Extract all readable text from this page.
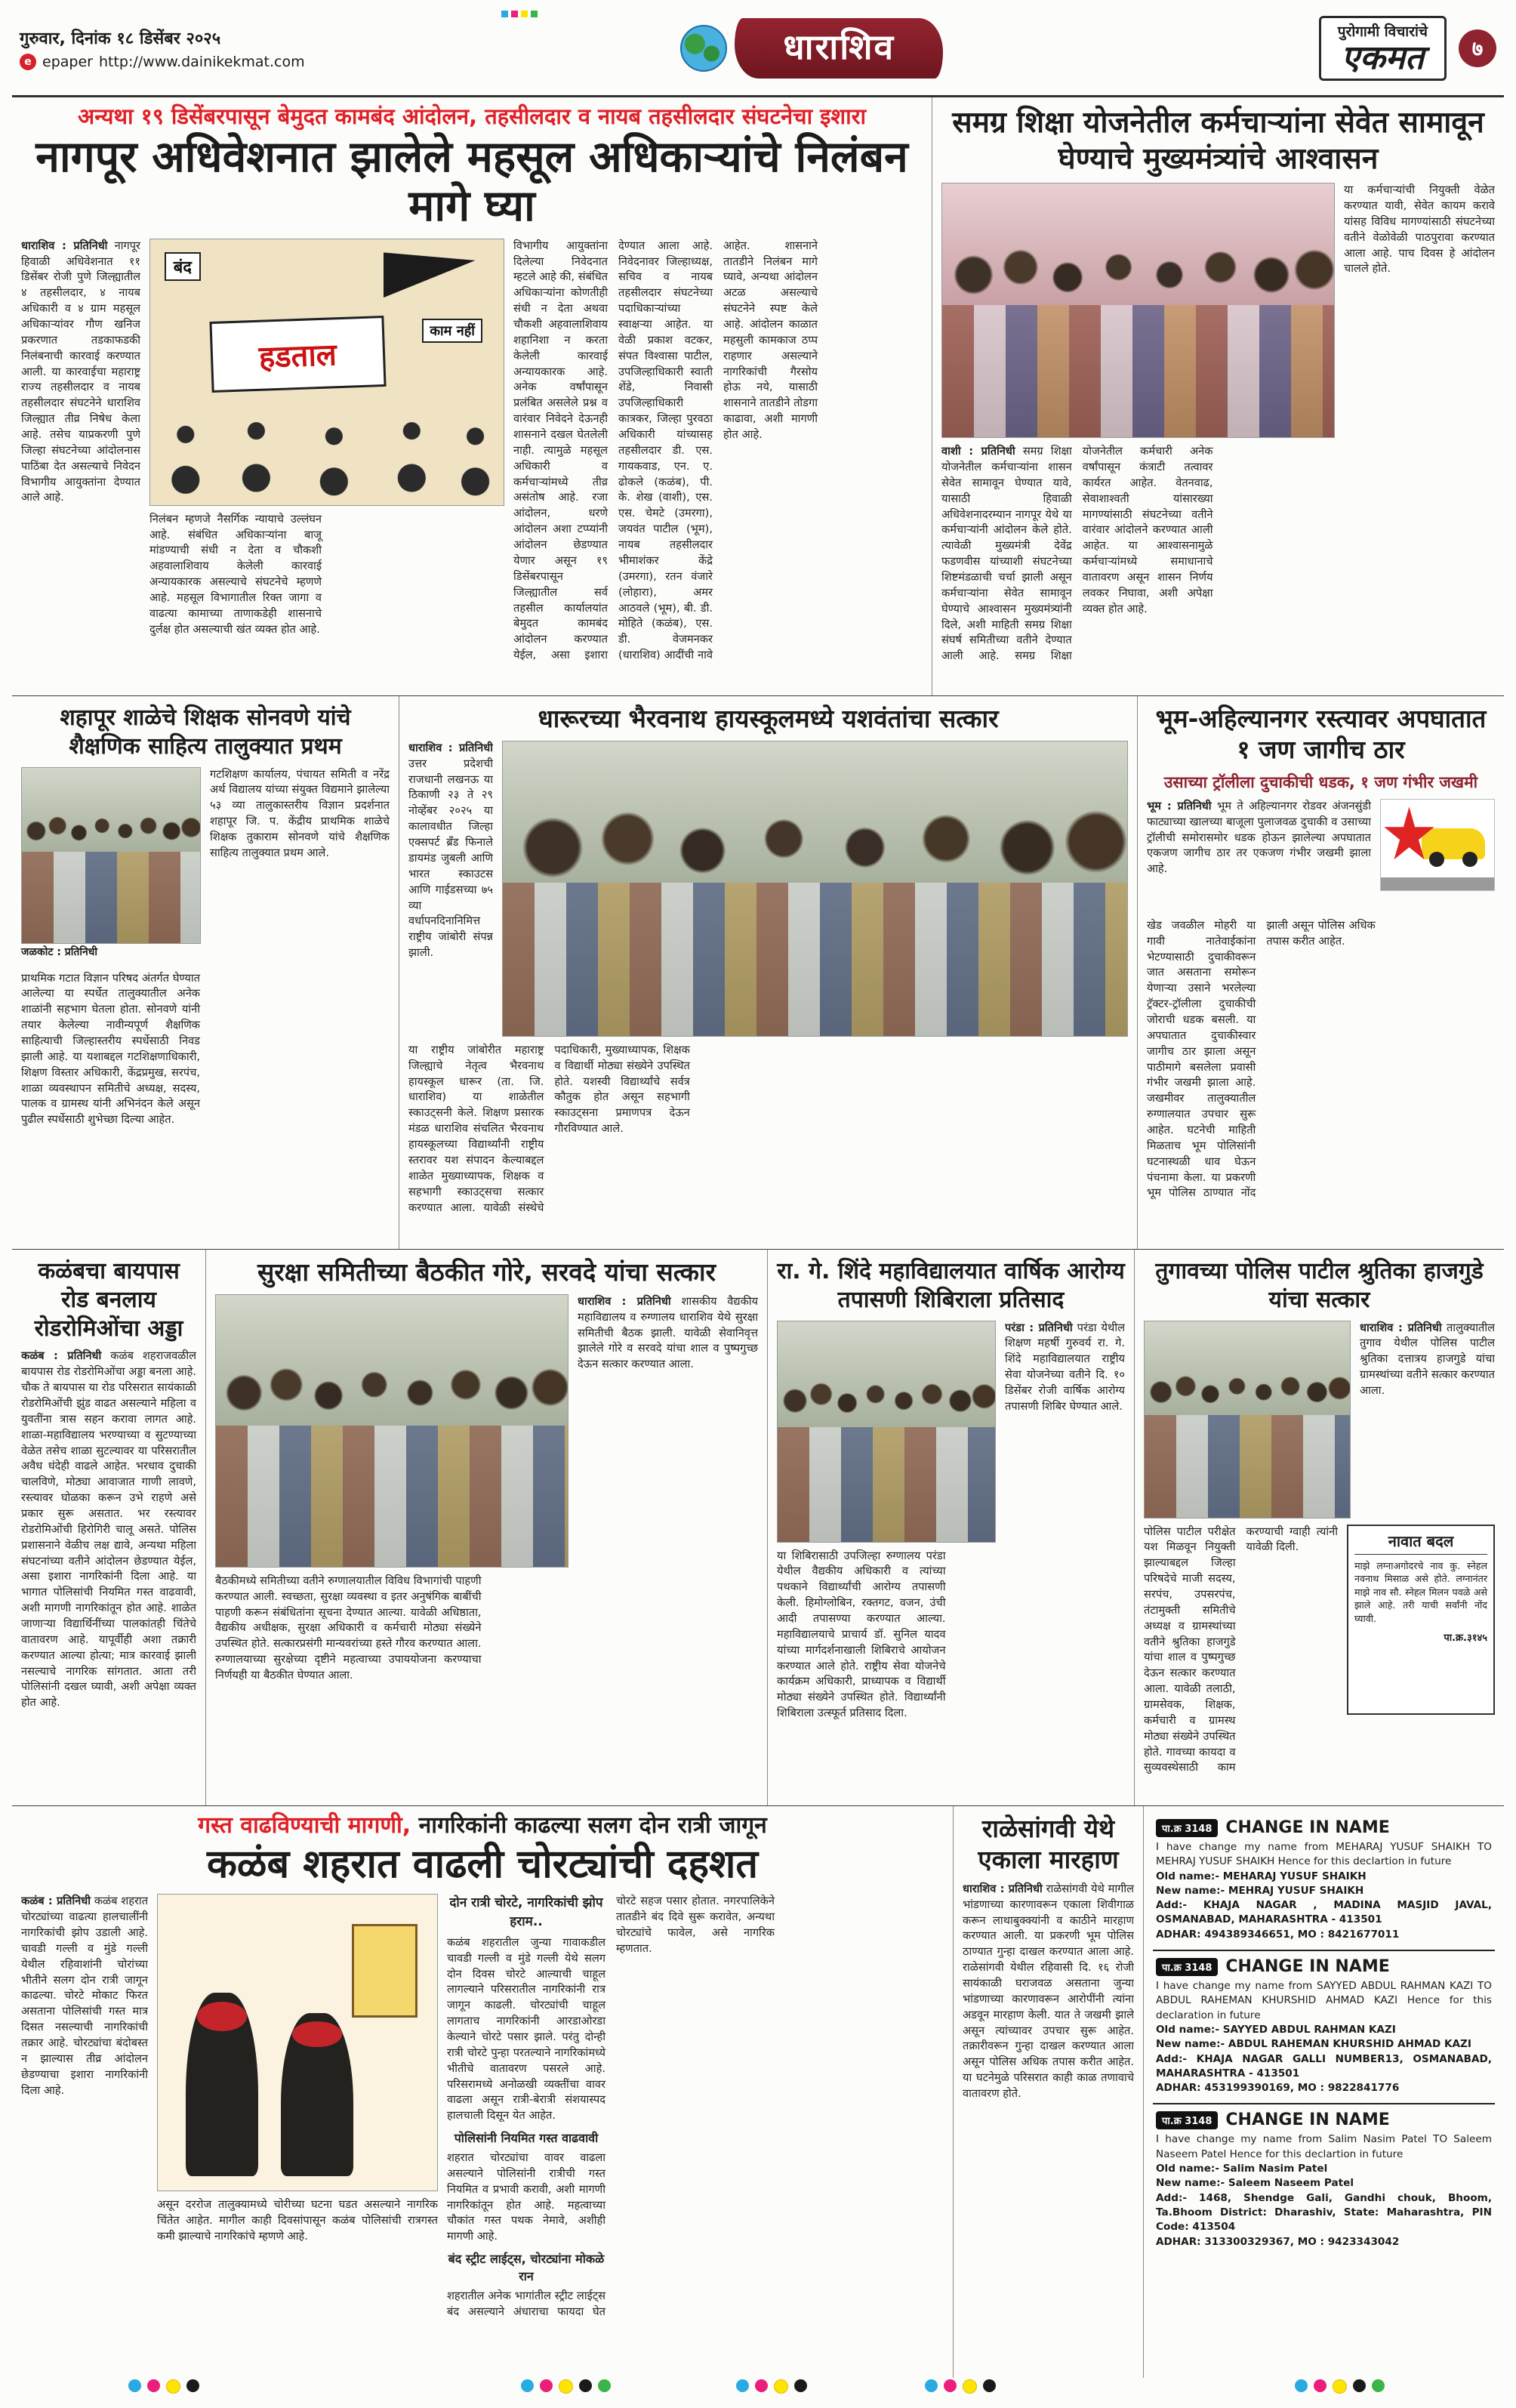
गुरुवार, दिनांक १८ डिसेंबर २०२५
e epaper http://www.dainikekmat.com	धाराशिव	पुरोगामी विचारांचे
एकमत	७
अन्यथा १९ डिसेंबरपासून बेमुदत कामबंद आंदोलन, तहसीलदार व नायब तहसीलदार संघटनेचा इशारा
नागपूर अधिवेशनात झालेले महसूल अधिकाऱ्यांचे निलंबन मागे घ्या
धाराशिव : प्रतिनिधी नागपूर हिवाळी अधिवेशनात ११ डिसेंबर रोजी पुणे जिल्ह्यातील ४ तहसीलदार, ४ नायब अधिकारी व ४ ग्राम महसूल अधिकाऱ्यांवर गौण खनिज प्रकरणात तडकाफडकी निलंबनाची कारवाई करण्यात आली. या कारवाईचा महाराष्ट्र राज्य तहसीलदार व नायब तहसीलदार संघटनेने धाराशिव जिल्ह्यात तीव्र निषेध केला आहे. तसेच याप्रकरणी पुणे जिल्हा संघटनेच्या आंदोलनास पाठिंबा देत असल्याचे निवेदन विभागीय आयुक्तांना देण्यात आले आहे.
बंद
काम नहीं
हडताल
निलंबन म्हणजे नैसर्गिक न्यायाचे उल्लंघन आहे. संबंधित अधिकाऱ्यांना बाजू मांडण्याची संधी न देता व चौकशी अहवालाशिवाय केलेली कारवाई अन्यायकारक असल्याचे संघटनेचे म्हणणे आहे. महसूल विभागातील रिक्त जागा व वाढत्या कामाच्या ताणाकडेही शासनाचे दुर्लक्ष होत असल्याची खंत व्यक्त होत आहे.
विभागीय आयुक्तांना दिलेल्या निवेदनात म्हटले आहे की, संबंधित अधिकाऱ्यांना कोणतीही संधी न देता अथवा चौकशी अहवालाशिवाय शहानिशा न करता केलेली कारवाई अन्यायकारक आहे. अनेक वर्षांपासून प्रलंबित असलेले प्रश्न व वारंवार निवेदने देऊनही शासनाने दखल घेतलेली नाही. त्यामुळे महसूल अधिकारी व कर्मचाऱ्यांमध्ये तीव्र असंतोष आहे. रजा आंदोलन, धरणे आंदोलन अशा टप्प्यांनी आंदोलन छेडण्यात येणार असून १९ डिसेंबरपासून जिल्ह्यातील सर्व तहसील कार्यालयांत बेमुदत कामबंद आंदोलन करण्यात येईल, असा इशारा देण्यात आला आहे. निवेदनावर जिल्हाध्यक्ष, सचिव व नायब तहसीलदार संघटनेच्या पदाधिकाऱ्यांच्या स्वाक्षऱ्या आहेत. या वेळी प्रकाश वटकर, संपत विश्वासा पाटील, उपजिल्हाधिकारी स्वाती शेंडे, निवासी उपजिल्हाधिकारी कात्रकर, जिल्हा पुरवठा अधिकारी यांच्यासह तहसीलदार डी. एस. गायकवाड, एन. ए. ढोकले (कळंब), पी. के. शेख (वाशी), एस. एस. चेमटे (उमरगा), जयवंत पाटील (भूम), नायब तहसीलदार भीमाशंकर केंद्रे (उमरगा), रतन वंजारे (लोहारा), अमर आठवले (भूम), बी. डी. मोहिते (कळंब), एस. डी. वेजमनकर (धाराशिव) आदींची नावे आहेत. शासनाने तातडीने निलंबन मागे घ्यावे, अन्यथा आंदोलन अटळ असल्याचे संघटनेने स्पष्ट केले आहे. आंदोलन काळात महसुली कामकाज ठप्प राहणार असल्याने नागरिकांची गैरसोय होऊ नये, यासाठी शासनाने तातडीने तोडगा काढावा, अशी मागणी होत आहे.
समग्र शिक्षा योजनेतील कर्मचाऱ्यांना सेवेत सामावून घेण्याचे मुख्यमंत्र्यांचे आश्वासन
या कर्मचाऱ्यांची नियुक्ती वेळेत करण्यात यावी, सेवेत कायम करावे यांसह विविध मागण्यांसाठी संघटनेच्या वतीने वेळोवेळी पाठपुरावा करण्यात आला आहे. पाच दिवस हे आंदोलन चालले होते.
वाशी : प्रतिनिधी समग्र शिक्षा योजनेतील कर्मचाऱ्यांना शासन सेवेत सामावून घेण्यात यावे, यासाठी हिवाळी अधिवेशनादरम्यान नागपूर येथे या कर्मचाऱ्यांनी आंदोलन केले होते. त्यावेळी मुख्यमंत्री देवेंद्र फडणवीस यांच्याशी संघटनेच्या शिष्टमंडळाची चर्चा झाली असून कर्मचाऱ्यांना सेवेत सामावून घेण्याचे आश्वासन मुख्यमंत्र्यांनी दिले, अशी माहिती समग्र शिक्षा संघर्ष समितीच्या वतीने देण्यात आली आहे. समग्र शिक्षा योजनेतील कर्मचारी अनेक वर्षांपासून कंत्राटी तत्वावर कार्यरत आहेत. वेतनवाढ, सेवाशाश्वती यांसारख्या मागण्यांसाठी संघटनेच्या वतीने वारंवार आंदोलने करण्यात आली आहेत. या आश्वासनामुळे कर्मचाऱ्यांमध्ये समाधानाचे वातावरण असून शासन निर्णय लवकर निघावा, अशी अपेक्षा व्यक्त होत आहे.
शहापूर शाळेचे शिक्षक सोनवणे यांचे शैक्षणिक साहित्य तालुक्यात प्रथम
जळकोट : प्रतिनिधी
गटशिक्षण कार्यालय, पंचायत समिती व नरेंद्र अर्थ विद्यालय यांच्या संयुक्त विद्यमाने झालेल्या ५३ व्या तालुकास्तरीय विज्ञान प्रदर्शनात शहापूर जि. प. केंद्रीय प्राथमिक शाळेचे शिक्षक तुकाराम सोनवणे यांचे शैक्षणिक साहित्य तालुक्यात प्रथम आले.
प्राथमिक गटात विज्ञान परिषद अंतर्गत घेण्यात आलेल्या या स्पर्धेत तालुक्यातील अनेक शाळांनी सहभाग घेतला होता. सोनवणे यांनी तयार केलेल्या नावीन्यपूर्ण शैक्षणिक साहित्याची जिल्हास्तरीय स्पर्धेसाठी निवड झाली आहे. या यशाबद्दल गटशिक्षणाधिकारी, शिक्षण विस्तार अधिकारी, केंद्रप्रमुख, सरपंच, शाळा व्यवस्थापन समितीचे अध्यक्ष, सदस्य, पालक व ग्रामस्थ यांनी अभिनंदन केले असून पुढील स्पर्धेसाठी शुभेच्छा दिल्या आहेत.
धारूरच्या भैरवनाथ हायस्कूलमध्ये यशवंतांचा सत्कार
धाराशिव : प्रतिनिधी उत्तर प्रदेशची राजधानी लखनऊ या ठिकाणी २३ ते २९ नोव्हेंबर २०२५ या कालावधीत जिल्हा एक्सपर्ट ब्रँड फिनाले डायमंड जुबली आणि भारत स्काउटस आणि गाईडसच्या ७५ व्या वर्धापनदिनानिमित्त राष्ट्रीय जांबोरी संपन्न झाली.
या राष्ट्रीय जांबोरीत महाराष्ट्र जिल्ह्याचे नेतृत्व भैरवनाथ हायस्कूल धारूर (ता. जि. धाराशिव) या शाळेतील स्काउट्सनी केले. शिक्षण प्रसारक मंडळ धाराशिव संचलित भैरवनाथ हायस्कूलच्या विद्यार्थ्यांनी राष्ट्रीय स्तरावर यश संपादन केल्याबद्दल शाळेत मुख्याध्यापक, शिक्षक व सहभागी स्काउट्सचा सत्कार करण्यात आला. यावेळी संस्थेचे पदाधिकारी, मुख्याध्यापक, शिक्षक व विद्यार्थी मोठ्या संख्येने उपस्थित होते. यशस्वी विद्यार्थ्यांचे सर्वत्र कौतुक होत असून सहभागी स्काउट्सना प्रमाणपत्र देऊन गौरविण्यात आले.
भूम-अहिल्यानगर रस्त्यावर अपघातात १ जण जागीच ठार
उसाच्या ट्रॉलीला दुचाकीची धडक, १ जण गंभीर जखमी
भूम : प्रतिनिधी भूम ते अहिल्यानगर रोडवर अंजनसुंडी फाट्याच्या खालच्या बाजूला पुलाजवळ दुचाकी व उसाच्या ट्रॉलीची समोरासमोर धडक होऊन झालेल्या अपघातात एकजण जागीच ठार तर एकजण गंभीर जखमी झाला आहे.
खेड जवळील मोहरी या गावी नातेवाईकांना भेटण्यासाठी दुचाकीवरून जात असताना समोरून येणाऱ्या उसाने भरलेल्या ट्रॅक्टर-ट्रॉलीला दुचाकीची जोराची धडक बसली. या अपघातात दुचाकीस्वार जागीच ठार झाला असून पाठीमागे बसलेला प्रवासी गंभीर जखमी झाला आहे. जखमीवर तालुक्यातील रुग्णालयात उपचार सुरू आहेत. घटनेची माहिती मिळताच भूम पोलिसांनी घटनास्थळी धाव घेऊन पंचनामा केला. या प्रकरणी भूम पोलिस ठाण्यात नोंद झाली असून पोलिस अधिक तपास करीत आहेत.
कळंबचा बायपास रोड बनलाय रोडरोमिओंचा अड्डा
कळंब : प्रतिनिधी कळंब शहराजवळील बायपास रोड रोडरोमिओंचा अड्डा बनला आहे. चौक ते बायपास या रोड परिसरात सायंकाळी रोडरोमिओंची झुंड वाढत असल्याने महिला व युवतींना त्रास सहन करावा लागत आहे. शाळा-महाविद्यालय भरण्याच्या व सुटण्याच्या वेळेत तसेच शाळा सुटल्यावर या परिसरातील अवैध धंदेही वाढले आहेत. भरधाव दुचाकी चालविणे, मोठ्या आवाजात गाणी लावणे, रस्त्यावर घोळका करून उभे राहणे असे प्रकार सुरू असतात. भर रस्त्यावर रोडरोमिओंची हिरोगिरी चालू असते. पोलिस प्रशासनाने वेळीच लक्ष द्यावे, अन्यथा महिला संघटनांच्या वतीने आंदोलन छेडण्यात येईल, असा इशारा नागरिकांनी दिला आहे. या भागात पोलिसांची नियमित गस्त वाढवावी, अशी मागणी नागरिकांतून होत आहे. शाळेत जाणाऱ्या विद्यार्थिनींच्या पालकांतही चिंतेचे वातावरण आहे. यापूर्वीही अशा तक्रारी करण्यात आल्या होत्या; मात्र कारवाई झाली नसल्याचे नागरिक सांगतात. आता तरी पोलिसांनी दखल घ्यावी, अशी अपेक्षा व्यक्त होत आहे.
सुरक्षा समितीच्या बैठकीत गोरे, सरवदे यांचा सत्कार
धाराशिव : प्रतिनिधी शासकीय वैद्यकीय महाविद्यालय व रुग्णालय धाराशिव येथे सुरक्षा समितीची बैठक झाली. यावेळी सेवानिवृत्त झालेले गोरे व सरवदे यांचा शाल व पुष्पगुच्छ देऊन सत्कार करण्यात आला.
बैठकीमध्ये समितीच्या वतीने रुग्णालयातील विविध विभागांची पाहणी करण्यात आली. स्वच्छता, सुरक्षा व्यवस्था व इतर अनुषंगिक बाबींची पाहणी करून संबंधितांना सूचना देण्यात आल्या. यावेळी अधिष्ठाता, वैद्यकीय अधीक्षक, सुरक्षा अधिकारी व कर्मचारी मोठ्या संख्येने उपस्थित होते. सत्कारप्रसंगी मान्यवरांच्या हस्ते गौरव करण्यात आला. रुग्णालयाच्या सुरक्षेच्या दृष्टीने महत्वाच्या उपाययोजना करण्याचा निर्णयही या बैठकीत घेण्यात आला.
रा. गे. शिंदे महाविद्यालयात वार्षिक आरोग्य तपासणी शिबिराला प्रतिसाद
परंडा : प्रतिनिधी परंडा येथील शिक्षण महर्षी गुरुवर्य रा. गे. शिंदे महाविद्यालयात राष्ट्रीय सेवा योजनेच्या वतीने दि. १० डिसेंबर रोजी वार्षिक आरोग्य तपासणी शिबिर घेण्यात आले.
या शिबिरासाठी उपजिल्हा रुग्णालय परंडा येथील वैद्यकीय अधिकारी व त्यांच्या पथकाने विद्यार्थ्यांची आरोग्य तपासणी केली. हिमोग्लोबिन, रक्तगट, वजन, उंची आदी तपासण्या करण्यात आल्या. महाविद्यालयाचे प्राचार्य डॉ. सुनिल यादव यांच्या मार्गदर्शनाखाली शिबिराचे आयोजन करण्यात आले होते. राष्ट्रीय सेवा योजनेचे कार्यक्रम अधिकारी, प्राध्यापक व विद्यार्थी मोठ्या संख्येने उपस्थित होते. विद्यार्थ्यांनी शिबिराला उत्स्फूर्त प्रतिसाद दिला.
तुगावच्या पोलिस पाटील श्रुतिका हाजगुडे यांचा सत्कार
धाराशिव : प्रतिनिधी तालुक्यातील तुगाव येथील पोलिस पाटील श्रुतिका दत्तात्रय हाजगुडे यांचा ग्रामस्थांच्या वतीने सत्कार करण्यात आला.
पोलिस पाटील परीक्षेत यश मिळवून नियुक्ती झाल्याबद्दल जिल्हा परिषदेचे माजी सदस्य, सरपंच, उपसरपंच, तंटामुक्ती समितीचे अध्यक्ष व ग्रामस्थांच्या वतीने श्रुतिका हाजगुडे यांचा शाल व पुष्पगुच्छ देऊन सत्कार करण्यात आला. यावेळी तलाठी, ग्रामसेवक, शिक्षक, कर्मचारी व ग्रामस्थ मोठ्या संख्येने उपस्थित होते. गावच्या कायदा व सुव्यवस्थेसाठी काम करण्याची ग्वाही त्यांनी यावेळी दिली.	नावात बदल
माझे लग्नाअगोदरचे नाव कु. स्नेहल नवनाथ मिसाळ असे होते. लग्नानंतर माझे नाव सौ. स्नेहल मिलन पवळे असे झाले आहे. तरी याची सर्वांनी नोंद घ्यावी.
पा.क्र.३१४५
गस्त वाढविण्याची मागणी, नागरिकांनी काढल्या सलग दोन रात्री जागून
कळंब शहरात वाढली चोरट्यांची दहशत
कळंब : प्रतिनिधी कळंब शहरात चोरट्यांच्या वाढत्या हालचालींनी नागरिकांची झोप उडाली आहे. चावडी गल्ली व मुंडे गल्ली येथील रहिवाशांनी चोरांच्या भीतीने सलग दोन रात्री जागून काढल्या. चोरटे मोकाट फिरत असताना पोलिसांची गस्त मात्र दिसत नसल्याची नागरिकांची तक्रार आहे. चोरट्यांचा बंदोबस्त न झाल्यास तीव्र आंदोलन छेडण्याचा इशारा नागरिकांनी दिला आहे.
असून दररोज तालुक्यामध्ये चोरीच्या घटना घडत असल्याने नागरिक चिंतेत आहेत. मागील काही दिवसांपासून कळंब पोलिसांची रात्रगस्त कमी झाल्याचे नागरिकांचे म्हणणे आहे.
दोन रात्री चोरटे, नागरिकांची झोप हराम..
कळंब शहरातील जुन्या गावाकडील चावडी गल्ली व मुंडे गल्ली येथे सलग दोन दिवस चोरटे आल्याची चाहूल लागल्याने परिसरातील नागरिकांनी रात्र जागून काढली. चोरट्यांची चाहूल लागताच नागरिकांनी आरडाओरडा केल्याने चोरटे पसार झाले. परंतु दोन्ही रात्री चोरटे पुन्हा परतल्याने नागरिकांमध्ये भीतीचे वातावरण पसरले आहे. परिसरामध्ये अनोळखी व्यक्तींचा वावर वाढला असून रात्री-बेरात्री संशयास्पद हालचाली दिसून येत आहेत.
पोलिसांनी नियमित गस्त वाढवावी
शहरात चोरट्यांचा वावर वाढला असल्याने पोलिसांनी रात्रीची गस्त नियमित व प्रभावी करावी, अशी मागणी नागरिकांतून होत आहे. महत्वाच्या चौकांत गस्त पथक नेमावे, अशीही मागणी आहे.
बंद स्ट्रीट लाईट्स, चोरट्यांना मोकळे रान
शहरातील अनेक भागांतील स्ट्रीट लाईट्स बंद असल्याने अंधाराचा फायदा घेत चोरटे सहज पसार होतात. नगरपालिकेने तातडीने बंद दिवे सुरू करावेत, अन्यथा चोरट्यांचे फावेल, असे नागरिक म्हणतात.
राळेसांगवी येथे एकाला मारहाण
धाराशिव : प्रतिनिधी राळेसांगवी येथे मागील भांडणाच्या कारणावरून एकाला शिवीगाळ करून लाथाबुक्क्यांनी व काठीने मारहाण करण्यात आली. या प्रकरणी भूम पोलिस ठाण्यात गुन्हा दाखल करण्यात आला आहे. राळेसांगवी येथील रहिवासी दि. १६ रोजी सायंकाळी घराजवळ असताना जुन्या भांडणाच्या कारणावरून आरोपींनी त्यांना अडवून मारहाण केली. यात ते जखमी झाले असून त्यांच्यावर उपचार सुरू आहेत. तक्रारीवरून गुन्हा दाखल करण्यात आला असून पोलिस अधिक तपास करीत आहेत. या घटनेमुळे परिसरात काही काळ तणावाचे वातावरण होते.
पा.क्र 3148 CHANGE IN NAME
I have change my name from MEHARAJ YUSUF SHAIKH TO MEHRAJ YUSUF SHAIKH Hence for this declartion in future
Old name:- MEHARAJ YUSUF SHAIKH
New name:- MEHRAJ YUSUF SHAIKH
Add:- KHAJA NAGAR , MADINA MASJID JAVAL, OSMANABAD, MAHARASHTRA - 413501
ADHAR: 494389346651, MO : 8421677011
पा.क्र 3148 CHANGE IN NAME
I have change my name from SAYYED ABDUL RAHMAN KAZI TO ABDUL RAHEMAN KHURSHID AHMAD KAZI Hence for this declaration in future
Old name:- SAYYED ABDUL RAHMAN KAZI
New name:- ABDUL RAHEMAN KHURSHID AHMAD KAZI
Add:- KHAJA NAGAR GALLI NUMBER13, OSMANABAD, MAHARASHTRA - 413501
ADHAR: 453199390169, MO : 9822841776
पा.क्र 3148 CHANGE IN NAME
I have change my name from Salim Nasim Patel TO Saleem Naseem Patel Hence for this declartion in future
Old name:- Salim Nasim Patel
New name:- Saleem Naseem Patel
Add:- 1468, Shendge Gali, Gandhi chouk, Bhoom, Ta.Bhoom District: Dharashiv, State: Maharashtra, PIN Code: 413504
ADHAR: 313300329367, MO : 9423343042
